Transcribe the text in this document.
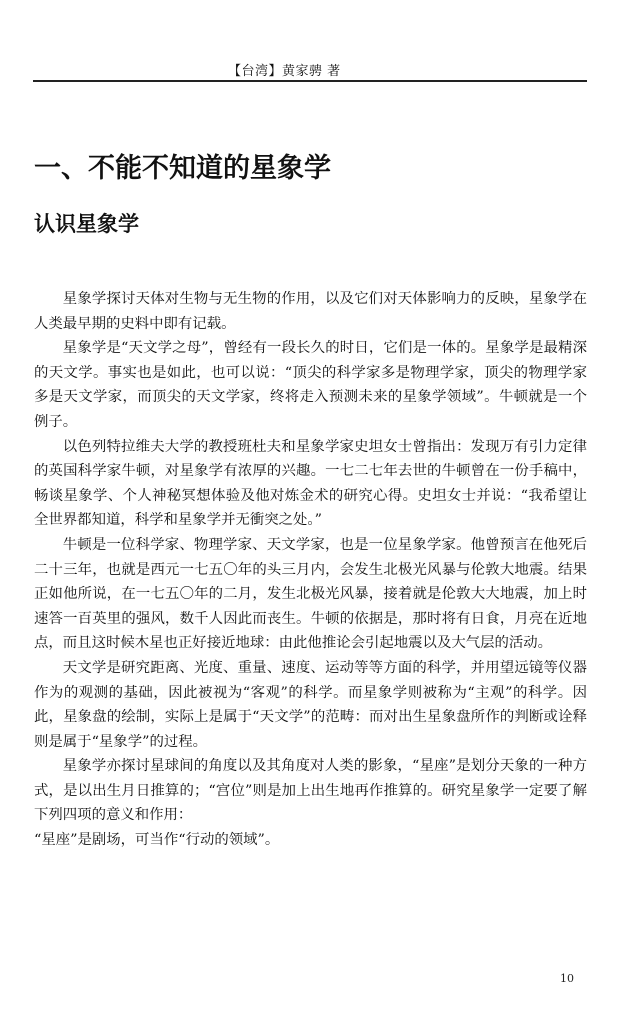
【台湾】黄家骋 著
一、不能不知道的星象学
认识星象学

星象学探讨天体对生物与无生物的作用，以及它们对天体影响力的反映，星象学在人类最早期的史料中即有记载。

星象学是“天文学之母”，曾经有一段长久的时日，它们是一体的。星象学是最精深的天文学。事实也是如此，也可以说：“顶尖的科学家多是物理学家，顶尖的物理学家多是天文学家，而顶尖的天文学家，终将走入预测未来的星象学领域”。牛顿就是一个例子。

以色列特拉维夫大学的教授班杜夫和星象学家史坦女士曾指出：发现万有引力定律的英国科学家牛顿，对星象学有浓厚的兴趣。一七二七年去世的牛顿曾在一份手稿中，畅谈星象学、个人神秘冥想体验及他对炼金术的研究心得。史坦女士并说：“我希望让全世界都知道，科学和星象学并无衝突之处。”

牛顿是一位科学家、物理学家、天文学家，也是一位星象学家。他曾预言在他死后二十三年，也就是西元一七五〇年的头三月内，会发生北极光风暴与伦敦大地震。结果正如他所说，在一七五〇年的二月，发生北极光风暴，接着就是伦敦大大地震，加上时速答一百英里的强风，数千人因此而丧生。牛顿的依据是，那时将有日食，月亮在近地点，而且这时候木星也正好接近地球：由此他推论会引起地震以及大气层的活动。

天文学是研究距离、光度、重量、速度、运动等等方面的科学，并用望远镜等仪器作为的观测的基础，因此被视为“客观”的科学。而星象学则被称为“主观”的科学。因此，星象盘的绘制，实际上是属于“天文学”的范畴：而对出生星象盘所作的判断或诠释则是属于“星象学”的过程。

星象学亦探讨星球间的角度以及其角度对人类的影象，“星座”是划分天象的一种方式，是以出生月日推算的；“宫位”则是加上出生地再作推算的。研究星象学一定要了解下列四项的意义和作用：

“星座”是剧场，可当作“行动的领域”。

10
